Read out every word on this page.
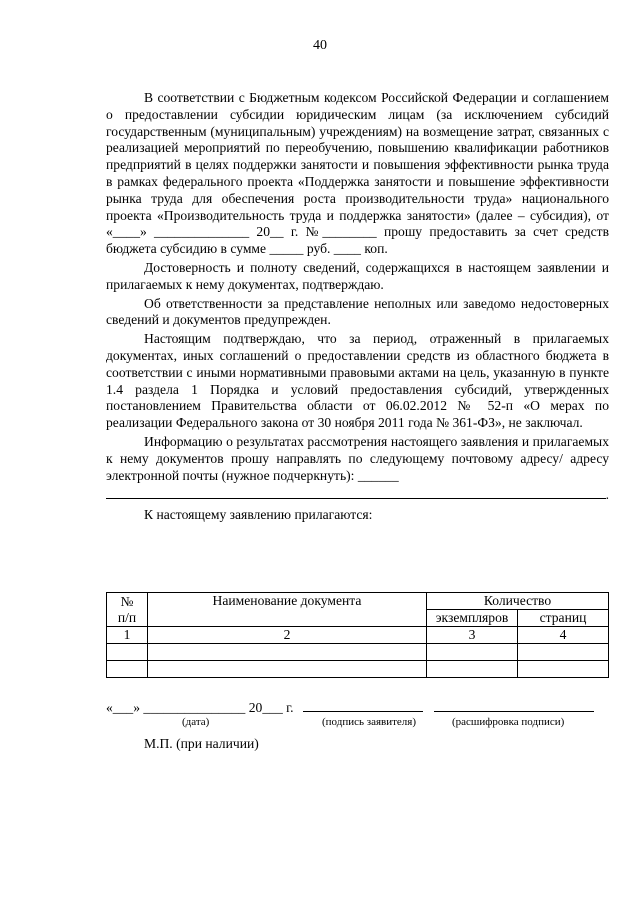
40

В соответствии с Бюджетным кодексом Российской Федерации и соглашением о предоставлении субсидии юридическим лицам (за исключением субсидий государственным (муниципальным) учреждениям) на возмещение затрат, связанных с реализацией мероприятий по переобучению, повышению квалификации работников предприятий в целях поддержки занятости и повышения эффективности рынка труда в рамках федерального проекта «Поддержка занятости и повышение эффективности рынка труда для обеспечения роста производительности труда» национального проекта «Производительность труда и поддержка занятости» (далее – субсидия), от «____» ______________ 20__ г. №________ прошу предоставить за счет средств бюджета субсидию в сумме _____ руб. ____ коп.

Достоверность и полноту сведений, содержащихся в настоящем заявлении и прилагаемых к нему документах, подтверждаю.

Об ответственности за представление неполных или заведомо недостоверных сведений и документов предупрежден.

Настоящим подтверждаю, что за период, отраженный в прилагаемых документах, иных соглашений о предоставлении средств из областного бюджета в соответствии с иными нормативными правовыми актами на цель, указанную в пункте 1.4 раздела 1 Порядка и условий предоставления субсидий, утвержденных постановлением Правительства области от 06.02.2012 № 52-п «О мерах по реализации Федерального закона от 30 ноября 2011 года № 361-ФЗ», не заключал.

Информацию о результатах рассмотрения настоящего заявления и прилагаемых к нему документов прошу направлять по следующему почтовому адресу/ адресу электронной почты (нужное подчеркнуть): ______

.

К настоящему заявлению прилагаются:

№
п/п	Наименование документа	Количество	
		экземпляров	страниц
1	2	3	4

«___» _______________ 20___ г.
(дата)	(подпись заявителя)	(расшифровка подписи)
М.П. (при наличии)
